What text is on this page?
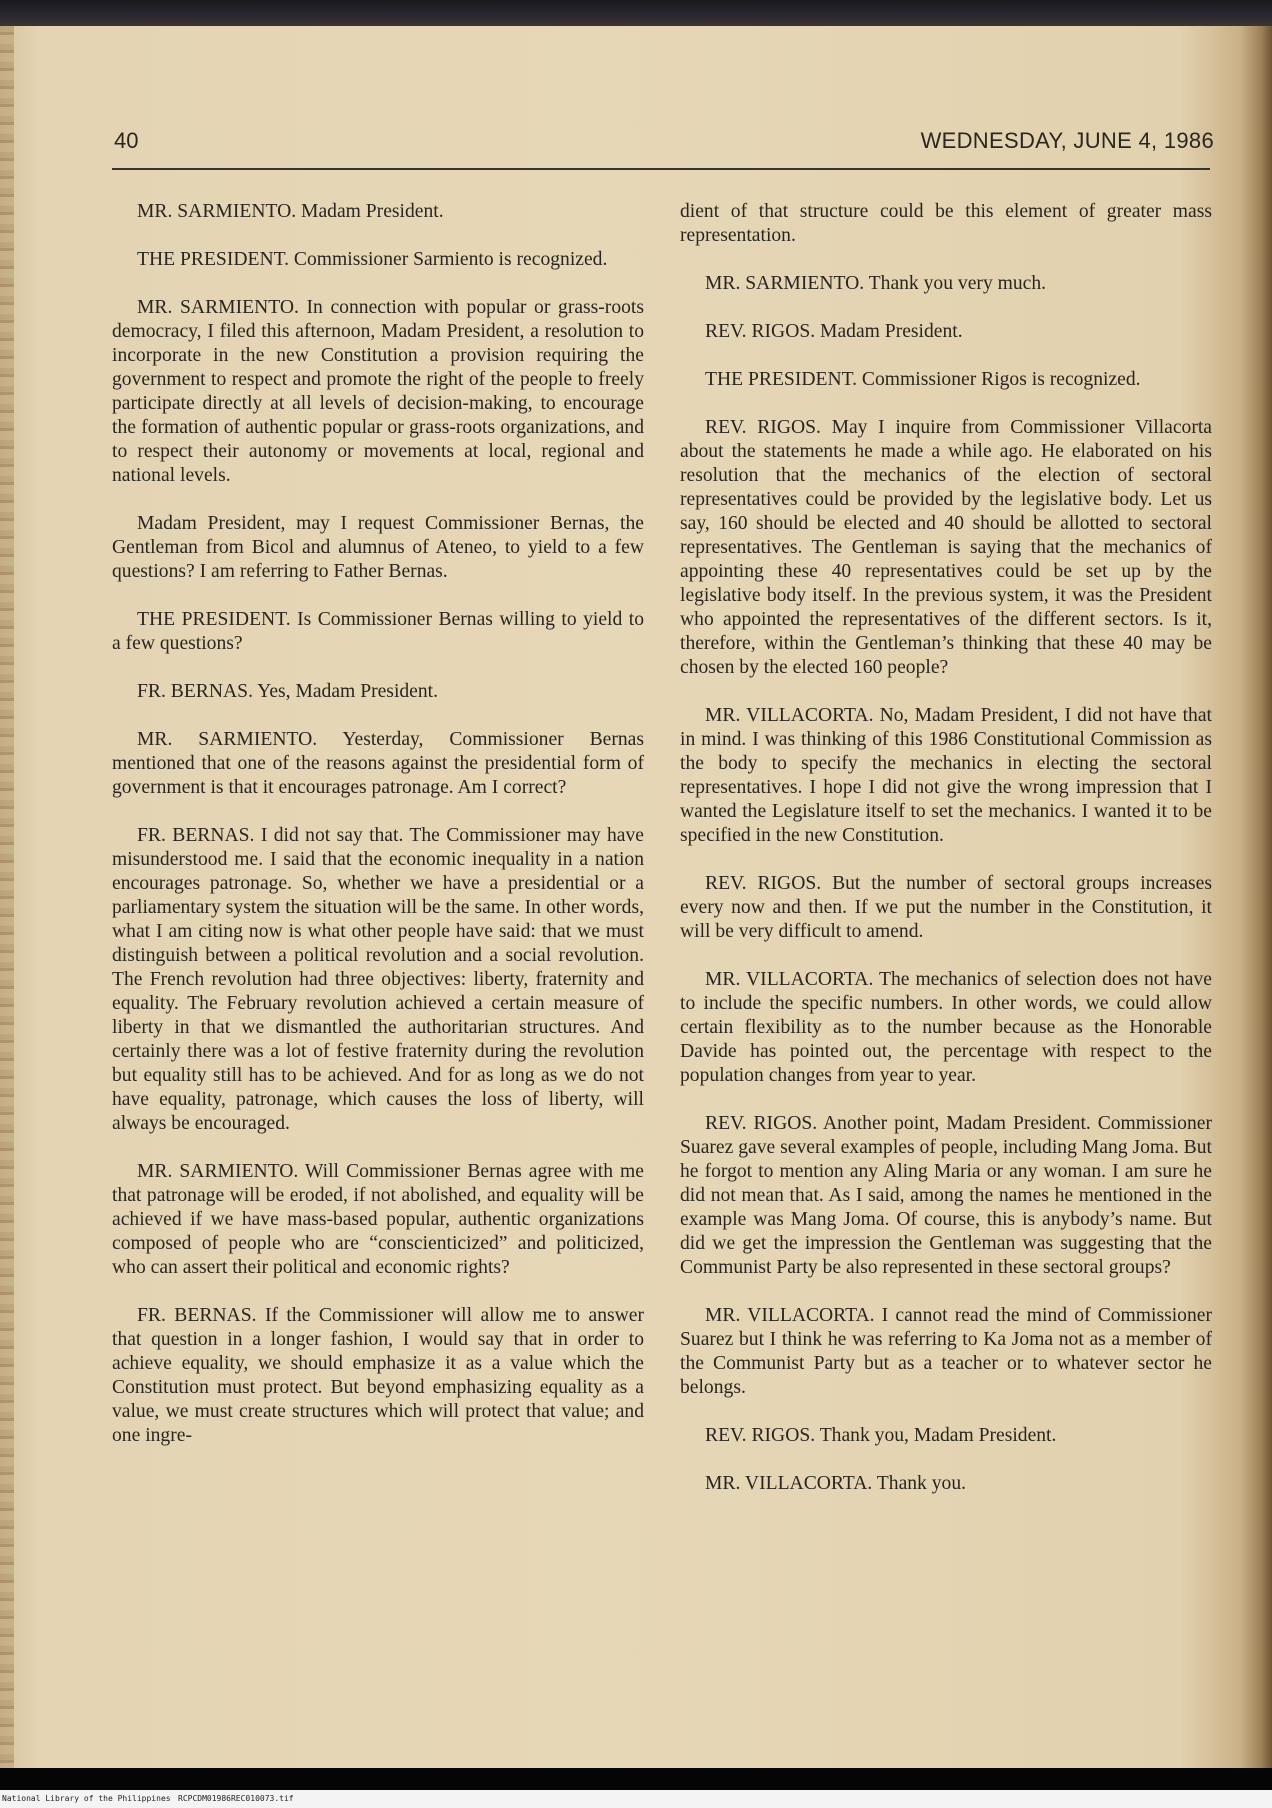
40	WEDNESDAY, JUNE 4, 1986

MR. SARMIENTO. Madam President.

THE PRESIDENT. Commissioner Sarmiento is recognized.

MR. SARMIENTO. In connection with popular or grass-roots democracy, I filed this afternoon, Madam President, a resolution to incorporate in the new Constitution a provision requiring the government to respect and promote the right of the people to freely participate directly at all levels of decision-making, to encourage the formation of authentic popular or grass-roots organizations, and to respect their autonomy or movements at local, regional and national levels.

Madam President, may I request Commissioner Bernas, the Gentleman from Bicol and alumnus of Ateneo, to yield to a few questions? I am referring to Father Bernas.

THE PRESIDENT. Is Commissioner Bernas willing to yield to a few questions?

FR. BERNAS. Yes, Madam President.

MR. SARMIENTO. Yesterday, Commissioner Bernas mentioned that one of the reasons against the presidential form of government is that it encourages patronage. Am I correct?

FR. BERNAS. I did not say that. The Commissioner may have misunderstood me. I said that the economic inequality in a nation encourages patronage. So, whether we have a presidential or a parliamentary system the situation will be the same. In other words, what I am citing now is what other people have said: that we must distinguish between a political revolution and a social revolution. The French revolution had three objectives: liberty, fraternity and equality. The February revolution achieved a certain measure of liberty in that we dismantled the authoritarian structures. And certainly there was a lot of festive fraternity during the revolution but equality still has to be achieved. And for as long as we do not have equality, patronage, which causes the loss of liberty, will always be encouraged.

MR. SARMIENTO. Will Commissioner Bernas agree with me that patronage will be eroded, if not abolished, and equality will be achieved if we have mass-based popular, authentic organizations composed of people who are “conscienticized” and politicized, who can assert their political and economic rights?

FR. BERNAS. If the Commissioner will allow me to answer that question in a longer fashion, I would say that in order to achieve equality, we should emphasize it as a value which the Constitution must protect. But beyond emphasizing equality as a value, we must create structures which will protect that value; and one ingre-

dient of that structure could be this element of greater mass representation.

MR. SARMIENTO. Thank you very much.

REV. RIGOS. Madam President.

THE PRESIDENT. Commissioner Rigos is recognized.

REV. RIGOS. May I inquire from Commissioner Villacorta about the statements he made a while ago. He elaborated on his resolution that the mechanics of the election of sectoral representatives could be provided by the legislative body. Let us say, 160 should be elected and 40 should be allotted to sectoral representatives. The Gentleman is saying that the mechanics of appointing these 40 representatives could be set up by the legislative body itself. In the previous system, it was the President who appointed the representatives of the different sectors. Is it, therefore, within the Gentleman’s thinking that these 40 may be chosen by the elected 160 people?

MR. VILLACORTA. No, Madam President, I did not have that in mind. I was thinking of this 1986 Constitutional Commission as the body to specify the mechanics in electing the sectoral representatives. I hope I did not give the wrong impression that I wanted the Legislature itself to set the mechanics. I wanted it to be specified in the new Constitution.

REV. RIGOS. But the number of sectoral groups increases every now and then. If we put the number in the Constitution, it will be very difficult to amend.

MR. VILLACORTA. The mechanics of selection does not have to include the specific numbers. In other words, we could allow certain flexibility as to the number because as the Honorable Davide has pointed out, the percentage with respect to the population changes from year to year.

REV. RIGOS. Another point, Madam President. Commissioner Suarez gave several examples of people, including Mang Joma. But he forgot to mention any Aling Maria or any woman. I am sure he did not mean that. As I said, among the names he mentioned in the example was Mang Joma. Of course, this is anybody’s name. But did we get the impression the Gentleman was suggesting that the Communist Party be also represented in these sectoral groups?

MR. VILLACORTA. I cannot read the mind of Commissioner Suarez but I think he was referring to Ka Joma not as a member of the Communist Party but as a teacher or to whatever sector he belongs.

REV. RIGOS. Thank you, Madam President.

MR. VILLACORTA. Thank you.

National Library of the Philippines RCPCDM01986REC010073.tif
